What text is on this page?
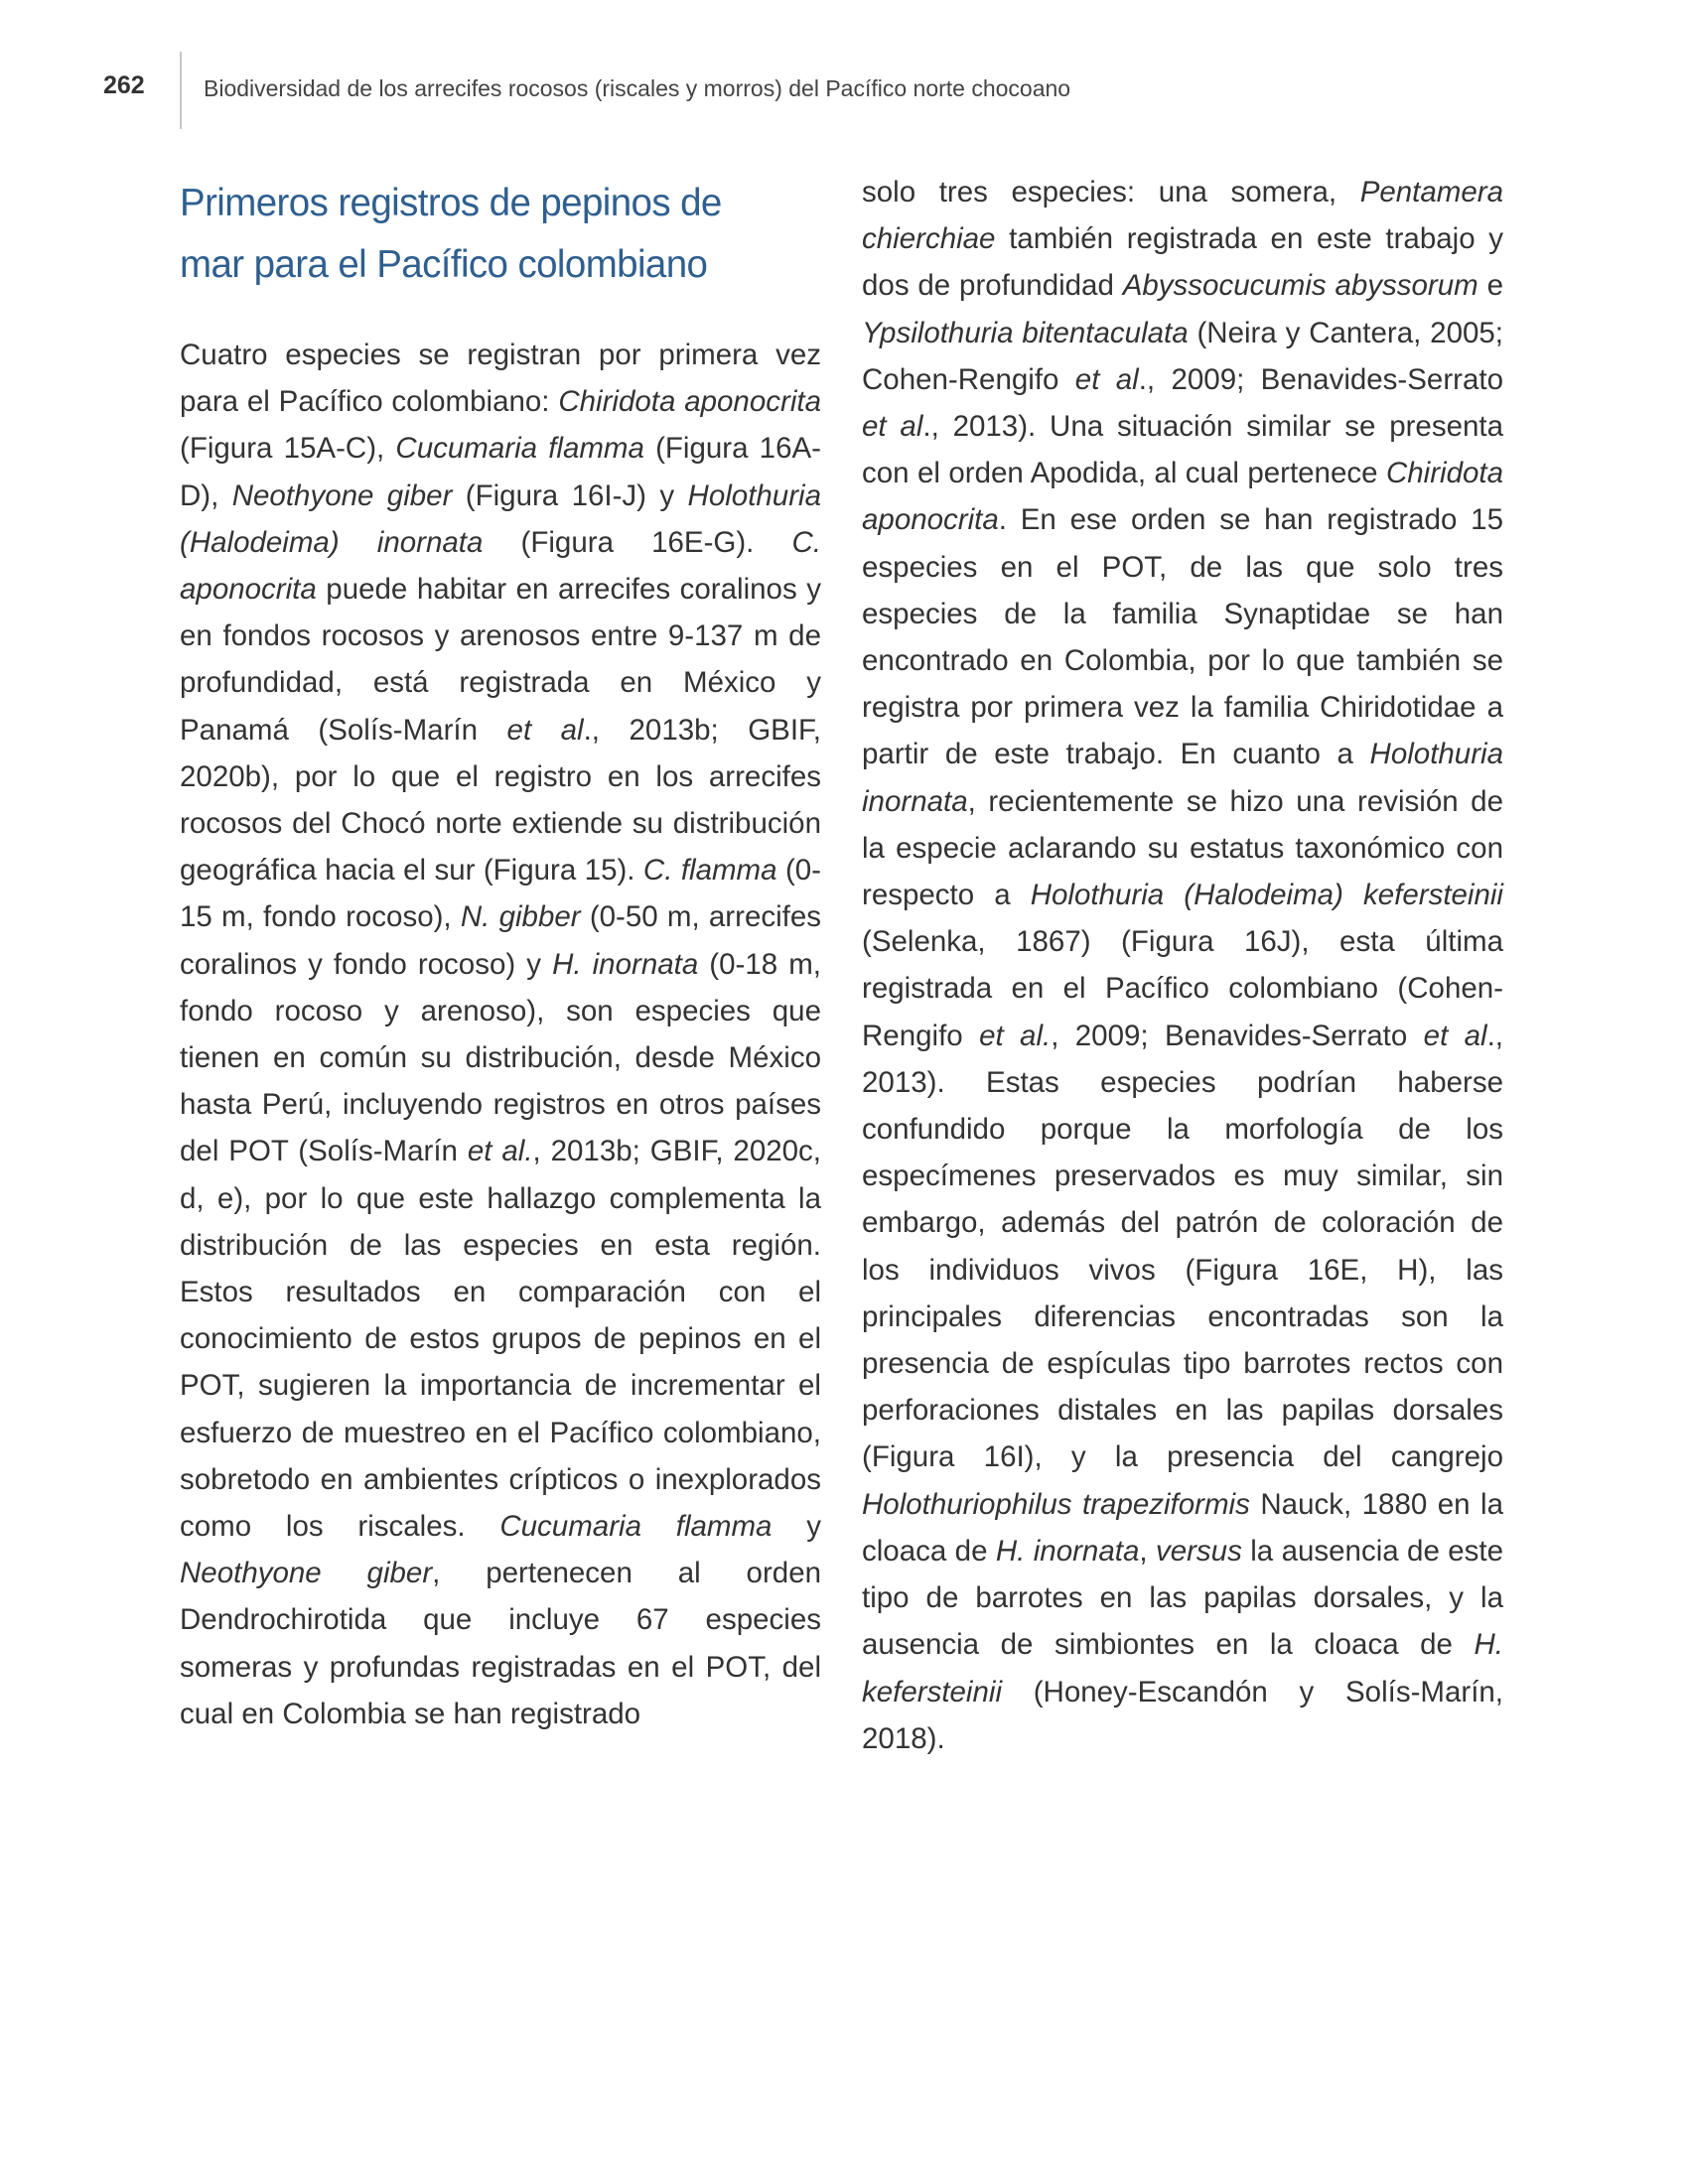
262	Biodiversidad de los arrecifes rocosos (riscales y morros) del Pacífico norte chocoano
Primeros registros de pepinos de
mar para el Pacífico colombiano

Cuatro especies se registran por primera vez para el Pacífico colombiano: Chiridota aponocrita (Figura 15A-C), Cucumaria flamma (Figura 16A-D), Neothyone giber (Figura 16I-J) y Holothuria (Halodeima) inornata (Figura 16E-G). C. aponocrita puede habitar en arrecifes coralinos y en fondos rocosos y arenosos entre 9-137 m de profundidad, está registrada en México y Panamá (Solís-Marín et al., 2013b; GBIF, 2020b), por lo que el registro en los arrecifes rocosos del Chocó norte extiende su distribución geográfica hacia el sur (Figura 15). C. flamma (0-15 m, fondo rocoso), N. gibber (0-50 m, arrecifes coralinos y fondo rocoso) y H. inornata (0-18 m, fondo rocoso y arenoso), son especies que tienen en común su distribución, desde México hasta Perú, incluyendo registros en otros países del POT (Solís-Marín et al., 2013b; GBIF, 2020c, d, e), por lo que este hallazgo complementa la distribución de las especies en esta región. Estos resultados en comparación con el conocimiento de estos grupos de pepinos en el POT, sugieren la importancia de incrementar el esfuerzo de muestreo en el Pacífico colombiano, sobretodo en ambientes crípticos o inexplorados como los riscales. Cucumaria flamma y Neothyone giber, pertenecen al orden Dendrochirotida que incluye 67 especies someras y profundas registradas en el POT, del cual en Colombia se han registrado

solo tres especies: una somera, Pentamera chierchiae también registrada en este trabajo y dos de profundidad Abyssocucumis abyssorum e Ypsilothuria bitentaculata (Neira y Cantera, 2005; Cohen-Rengifo et al., 2009; Benavides-Serrato et al., 2013). Una situación similar se presenta con el orden Apodida, al cual pertenece Chiridota aponocrita. En ese orden se han registrado 15 especies en el POT, de las que solo tres especies de la familia Synaptidae se han encontrado en Colombia, por lo que también se registra por primera vez la familia Chiridotidae a partir de este trabajo. En cuanto a Holothuria inornata, recientemente se hizo una revisión de la especie aclarando su estatus taxonómico con respecto a Holothuria (Halodeima) kefersteinii (Selenka, 1867) (Figura 16J), esta última registrada en el Pacífico colombiano (Cohen-Rengifo et al., 2009; Benavides-Serrato et al., 2013). Estas especies podrían haberse confundido porque la morfología de los especímenes preservados es muy similar, sin embargo, además del patrón de coloración de los individuos vivos (Figura 16E, H), las principales diferencias encontradas son la presencia de espículas tipo barrotes rectos con perforaciones distales en las papilas dorsales (Figura 16I), y la presencia del cangrejo Holothuriophilus trapeziformis Nauck, 1880 en la cloaca de H. inornata, versus la ausencia de este tipo de barrotes en las papilas dorsales, y la ausencia de simbiontes en la cloaca de H. kefersteinii (Honey-Escandón y Solís-Marín, 2018).
